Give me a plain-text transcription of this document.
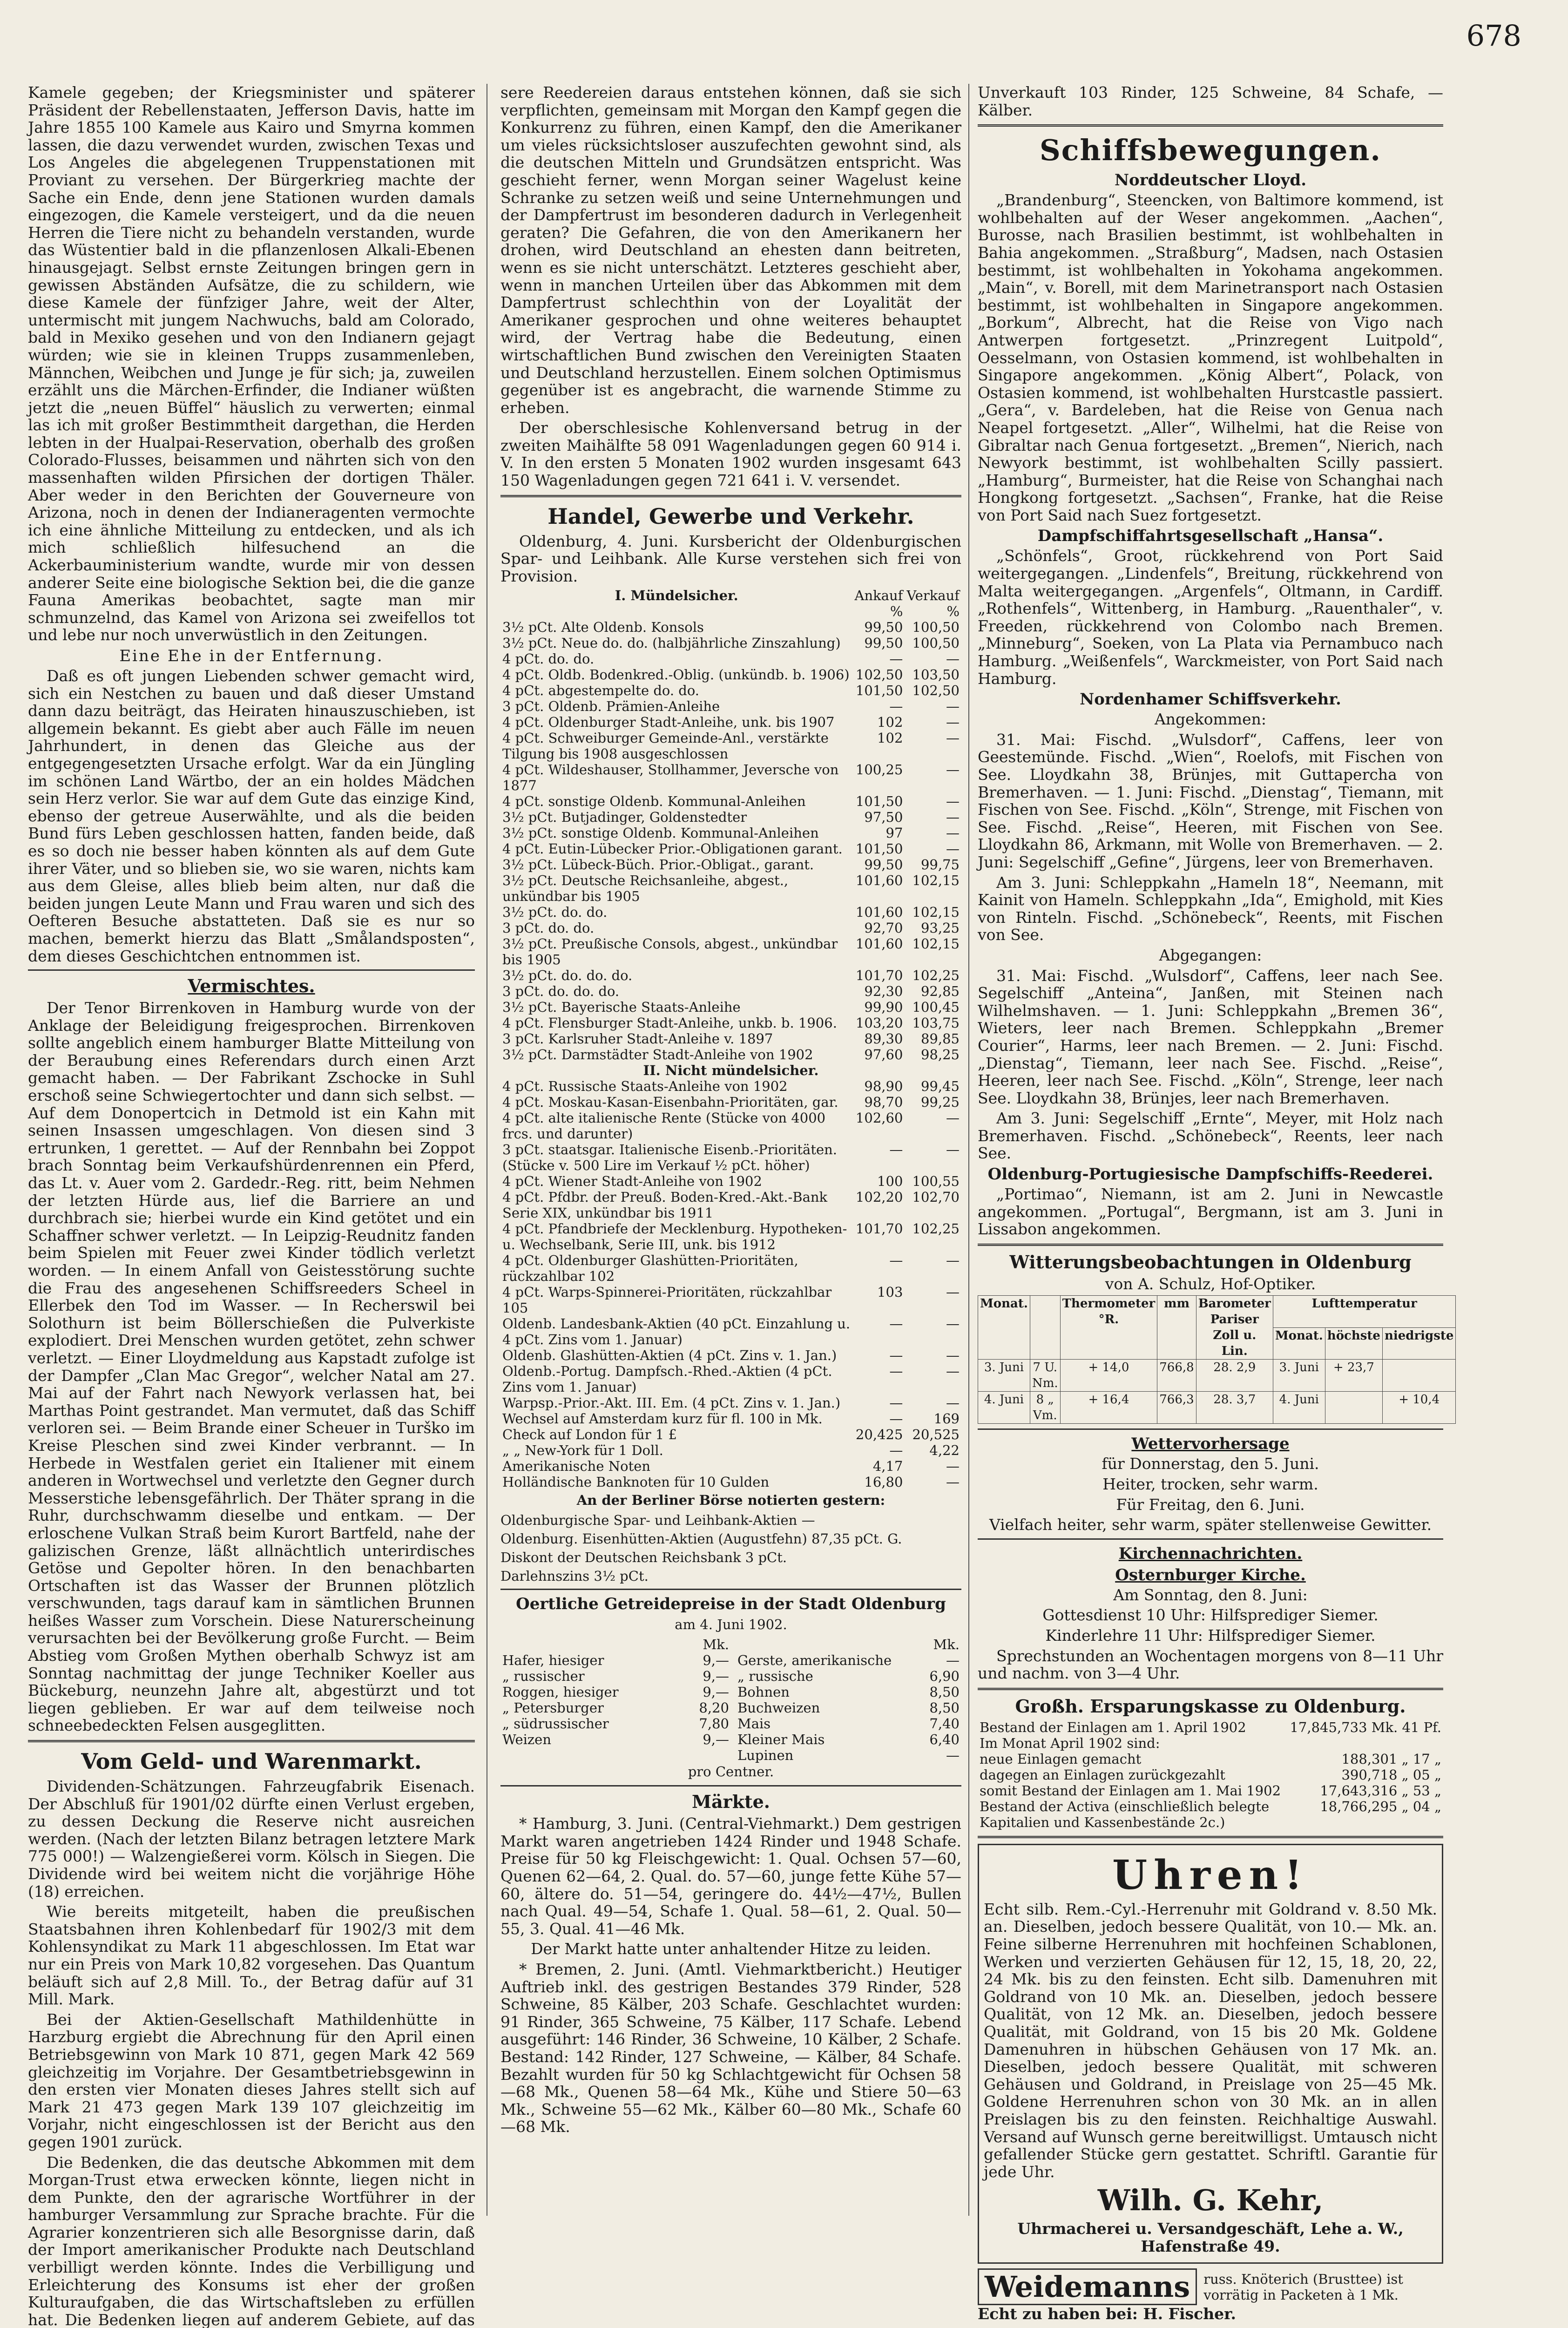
678

Kamele gegeben; der Kriegsminister und späterer Präsident der Rebellenstaaten, Jefferson Davis, hatte im Jahre 1855 100 Kamele aus Kairo und Smyrna kommen lassen, die dazu verwendet wurden, zwischen Texas und Los Angeles die abgelegenen Truppenstationen mit Proviant zu versehen. Der Bürgerkrieg machte der Sache ein Ende, denn jene Stationen wurden damals eingezogen, die Kamele versteigert, und da die neuen Herren die Tiere nicht zu behandeln verstanden, wurde das Wüstentier bald in die pflanzenlosen Alkali-Ebenen hinausgejagt. Selbst ernste Zeitungen bringen gern in gewissen Abständen Aufsätze, die zu schildern, wie diese Kamele der fünfziger Jahre, weit der Alter, untermischt mit jungem Nachwuchs, bald am Colorado, bald in Mexiko gesehen und von den Indianern gejagt würden; wie sie in kleinen Trupps zusammenleben, Männchen, Weibchen und Junge je für sich; ja, zuweilen erzählt uns die Märchen-Erfinder, die Indianer wüßten jetzt die „neuen Büffel“ häuslich zu verwerten; einmal las ich mit großer Bestimmtheit dargethan, die Herden lebten in der Hualpai-Reservation, oberhalb des großen Colorado-Flusses, beisammen und nährten sich von den massenhaften wilden Pfirsichen der dortigen Thäler. Aber weder in den Berichten der Gouverneure von Arizona, noch in denen der Indianeragenten vermochte ich eine ähnliche Mitteilung zu entdecken, und als ich mich schließlich hilfesuchend an die Ackerbauministerium wandte, wurde mir von dessen anderer Seite eine biologische Sektion bei, die die ganze Fauna Amerikas beobachtet, sagte man mir schmunzelnd, das Kamel von Arizona sei zweifellos tot und lebe nur noch unverwüstlich in den Zeitungen.

Eine Ehe in der Entfernung.

Daß es oft jungen Liebenden schwer gemacht wird, sich ein Nestchen zu bauen und daß dieser Umstand dann dazu beiträgt, das Heiraten hinauszuschieben, ist allgemein bekannt. Es giebt aber auch Fälle im neuen Jahrhundert, in denen das Gleiche aus der entgegengesetzten Ursache erfolgt. War da ein Jüngling im schönen Land Wärtbo, der an ein holdes Mädchen sein Herz verlor. Sie war auf dem Gute das einzige Kind, ebenso der getreue Auserwählte, und als die beiden Bund fürs Leben geschlossen hatten, fanden beide, daß es so doch nie besser haben könnten als auf dem Gute ihrer Väter, und so blieben sie, wo sie waren, nichts kam aus dem Gleise, alles blieb beim alten, nur daß die beiden jungen Leute Mann und Frau waren und sich des Oefteren Besuche abstatteten. Daß sie es nur so machen, bemerkt hierzu das Blatt „Smålandsposten“, dem dieses Geschichtchen entnommen ist.

Vermischtes.

Der Tenor Birrenkoven in Hamburg wurde von der Anklage der Beleidigung freigesprochen. Birrenkoven sollte angeblich einem hamburger Blatte Mitteilung von der Beraubung eines Referendars durch einen Arzt gemacht haben. — Der Fabrikant Zschocke in Suhl erschoß seine Schwiegertochter und dann sich selbst. — Auf dem Donopertcich in Detmold ist ein Kahn mit seinen Insassen umgeschlagen. Von diesen sind 3 ertrunken, 1 gerettet. — Auf der Rennbahn bei Zoppot brach Sonntag beim Verkaufshürdenrennen ein Pferd, das Lt. v. Auer vom 2. Gardedr.-Reg. ritt, beim Nehmen der letzten Hürde aus, lief die Barriere an und durchbrach sie; hierbei wurde ein Kind getötet und ein Schaffner schwer verletzt. — In Leipzig-Reudnitz fanden beim Spielen mit Feuer zwei Kinder tödlich verletzt worden. — In einem Anfall von Geistesstörung suchte die Frau des angesehenen Schiffsreeders Scheel in Ellerbek den Tod im Wasser. — In Recherswil bei Solothurn ist beim Böllerschießen die Pulverkiste explodiert. Drei Menschen wurden getötet, zehn schwer verletzt. — Einer Lloydmeldung aus Kapstadt zufolge ist der Dampfer „Clan Mac Gregor“, welcher Natal am 27. Mai auf der Fahrt nach Newyork verlassen hat, bei Marthas Point gestrandet. Man vermutet, daß das Schiff verloren sei. — Beim Brande einer Scheuer in Turško im Kreise Pleschen sind zwei Kinder verbrannt. — In Herbede in Westfalen geriet ein Italiener mit einem anderen in Wortwechsel und verletzte den Gegner durch Messerstiche lebensgefährlich. Der Thäter sprang in die Ruhr, durchschwamm dieselbe und entkam. — Der erloschene Vulkan Straß beim Kurort Bartfeld, nahe der galizischen Grenze, läßt allnächtlich unterirdisches Getöse und Gepolter hören. In den benachbarten Ortschaften ist das Wasser der Brunnen plötzlich verschwunden, tags darauf kam in sämtlichen Brunnen heißes Wasser zum Vorschein. Diese Naturerscheinung verursachten bei der Bevölkerung große Furcht. — Beim Abstieg vom Großen Mythen oberhalb Schwyz ist am Sonntag nachmittag der junge Techniker Koeller aus Bückeburg, neunzehn Jahre alt, abgestürzt und tot liegen geblieben. Er war auf dem teilweise noch schneebedeckten Felsen ausgeglitten.

Vom Geld- und Warenmarkt.

Dividenden-Schätzungen. Fahrzeugfabrik Eisenach. Der Abschluß für 1901/02 dürfte einen Verlust ergeben, zu dessen Deckung die Reserve nicht ausreichen werden. (Nach der letzten Bilanz betragen letztere Mark 775 000!) — Walzengießerei vorm. Kölsch in Siegen. Die Dividende wird bei weitem nicht die vorjährige Höhe (18) erreichen.

Wie bereits mitgeteilt, haben die preußischen Staatsbahnen ihren Kohlenbedarf für 1902/3 mit dem Kohlensyndikat zu Mark 11 abgeschlossen. Im Etat war nur ein Preis von Mark 10,82 vorgesehen. Das Quantum beläuft sich auf 2,8 Mill. To., der Betrag dafür auf 31 Mill. Mark.

Bei der Aktien-Gesellschaft Mathildenhütte in Harzburg ergiebt die Abrechnung für den April einen Betriebsgewinn von Mark 10 871, gegen Mark 42 569 gleichzeitig im Vorjahre. Der Gesamtbetriebsgewinn in den ersten vier Monaten dieses Jahres stellt sich auf Mark 21 473 gegen Mark 139 107 gleichzeitig im Vorjahr, nicht eingeschlossen ist der Bericht aus den gegen 1901 zurück.

Die Bedenken, die das deutsche Abkommen mit dem Morgan-Trust etwa erwecken könnte, liegen nicht in dem Punkte, den der agrarische Wortführer in der hamburger Versammlung zur Sprache brachte. Für die Agrarier konzentrieren sich alle Besorgnisse darin, daß der Import amerikanischer Produkte nach Deutschland verbilligt werden könnte. Indes die Verbilligung und Erleichterung des Konsums ist eher der großen Kulturaufgaben, die das Wirtschaftsleben zu erfüllen hat. Die Bedenken liegen auf anderem Gebiete, auf das

sere Reedereien daraus entstehen können, daß sie sich verpflichten, gemeinsam mit Morgan den Kampf gegen die Konkurrenz zu führen, einen Kampf, den die Amerikaner um vieles rücksichtsloser auszufechten gewohnt sind, als die deutschen Mitteln und Grundsätzen entspricht. Was geschieht ferner, wenn Morgan seiner Wagelust keine Schranke zu setzen weiß und seine Unternehmungen und der Dampfertrust im besonderen dadurch in Verlegenheit geraten? Die Gefahren, die von den Amerikanern her drohen, wird Deutschland an ehesten dann beitreten, wenn es sie nicht unterschätzt. Letzteres geschieht aber, wenn in manchen Urteilen über das Abkommen mit dem Dampfertrust schlechthin von der Loyalität der Amerikaner gesprochen und ohne weiteres behauptet wird, der Vertrag habe die Bedeutung, einen wirtschaftlichen Bund zwischen den Vereinigten Staaten und Deutschland herzustellen. Einem solchen Optimismus gegenüber ist es angebracht, die warnende Stimme zu erheben.

Der oberschlesische Kohlenversand betrug in der zweiten Maihälfte 58 091 Wagenladungen gegen 60 914 i. V. In den ersten 5 Monaten 1902 wurden insgesamt 643 150 Wagenladungen gegen 721 641 i. V. versendet.

Handel, Gewerbe und Verkehr.

Oldenburg, 4. Juni. Kursbericht der Oldenburgischen Spar- und Leihbank. Alle Kurse verstehen sich frei von Provision.

I. Mündelsicher.	Ankauf	Verkauf
	%	%
3½ pCt. Alte Oldenb. Konsols	99,50	100,50
3½ pCt. Neue do. do. (halbjährliche Zinszahlung)	99,50	100,50
4 pCt. do. do.	—	—
4 pCt. Oldb. Bodenkred.-Oblig. (unkündb. b. 1906)	102,50	103,50
4 pCt. abgestempelte do. do.	101,50	102,50
3 pCt. Oldenb. Prämien-Anleihe	—	—
4 pCt. Oldenburger Stadt-Anleihe, unk. bis 1907	102	—
4 pCt. Schweiburger Gemeinde-Anl., verstärkte Tilgung bis 1908 ausgeschlossen	102	—
4 pCt. Wildeshauser, Stollhammer, Jeversche von 1877	100,25	—
4 pCt. sonstige Oldenb. Kommunal-Anleihen	101,50	—
3½ pCt. Butjadinger, Goldenstedter	97,50	—
3½ pCt. sonstige Oldenb. Kommunal-Anleihen	97	—
4 pCt. Eutin-Lübecker Prior.-Obligationen garant.	101,50	—
3½ pCt. Lübeck-Büch. Prior.-Obligat., garant.	99,50	99,75
3½ pCt. Deutsche Reichsanleihe, abgest., unkündbar bis 1905	101,60	102,15
3½ pCt. do. do.	101,60	102,15
3 pCt. do. do.	92,70	93,25
3½ pCt. Preußische Consols, abgest., unkündbar bis 1905	101,60	102,15
3½ pCt. do. do. do.	101,70	102,25
3 pCt. do. do. do.	92,30	92,85
3½ pCt. Bayerische Staats-Anleihe	99,90	100,45
4 pCt. Flensburger Stadt-Anleihe, unkb. b. 1906.	103,20	103,75
3 pCt. Karlsruher Stadt-Anleihe v. 1897	89,30	89,85
3½ pCt. Darmstädter Stadt-Anleihe von 1902	97,60	98,25
II. Nicht mündelsicher.		
4 pCt. Russische Staats-Anleihe von 1902	98,90	99,45
4 pCt. Moskau-Kasan-Eisenbahn-Prioritäten, gar.	98,70	99,25
4 pCt. alte italienische Rente (Stücke von 4000 frcs. und darunter)	102,60	—
3 pCt. staatsgar. Italienische Eisenb.-Prioritäten. (Stücke v. 500 Lire im Verkauf ½ pCt. höher)	—	—
4 pCt. Wiener Stadt-Anleihe von 1902	100	100,55
4 pCt. Pfdbr. der Preuß. Boden-Kred.-Akt.-Bank Serie XIX, unkündbar bis 1911	102,20	102,70
4 pCt. Pfandbriefe der Mecklenburg. Hypotheken- u. Wechselbank, Serie III, unk. bis 1912	101,70	102,25
4 pCt. Oldenburger Glashütten-Prioritäten, rückzahlbar 102	—	—
4 pCt. Warps-Spinnerei-Prioritäten, rückzahlbar 105	103	—
Oldenb. Landesbank-Aktien (40 pCt. Einzahlung u. 4 pCt. Zins vom 1. Januar)	—	—
Oldenb. Glashütten-Aktien (4 pCt. Zins v. 1. Jan.)	—	—
Oldenb.-Portug. Dampfsch.-Rhed.-Aktien (4 pCt. Zins vom 1. Januar)	—	—
Warpsp.-Prior.-Akt. III. Em. (4 pCt. Zins v. 1. Jan.)	—	—
Wechsel auf Amsterdam kurz für fl. 100 in Mk.	—	169
Check auf London für 1 £	20,425	20,525
„ „ New-York für 1 Doll.	—	4,22
Amerikanische Noten	4,17	—
Holländische Banknoten für 10 Gulden	16,80	—

An der Berliner Börse notierten gestern:

Oldenburgische Spar- und Leihbank-Aktien —

Oldenburg. Eisenhütten-Aktien (Augustfehn) 87,35 pCt. G.

Diskont der Deutschen Reichsbank 3 pCt.

Darlehnszins 3½ pCt.

Oertliche Getreidepreise in der Stadt Oldenburg

am 4. Juni 1902.

	Mk.
Hafer, hiesiger	9,—
„ russischer	9,—
Roggen, hiesiger	9,—
„ Petersburger	8,20
„ südrussischer	7,80
Weizen	9,—

	Mk.
Gerste, amerikanische	—
„ russische	6,90
Bohnen	8,50
Buchweizen	8,50
Mais	7,40
Kleiner Mais	6,40
Lupinen	—

pro Centner.

Märkte.

* Hamburg, 3. Juni. (Central-Viehmarkt.) Dem gestrigen Markt waren angetrieben 1424 Rinder und 1948 Schafe. Preise für 50 kg Fleischgewicht: 1. Qual. Ochsen 57—60, Quenen 62—64, 2. Qual. do. 57—60, junge fette Kühe 57—60, ältere do. 51—54, geringere do. 44½—47½, Bullen nach Qual. 49—54, Schafe 1. Qual. 58—61, 2. Qual. 50—55, 3. Qual. 41—46 Mk.

Der Markt hatte unter anhaltender Hitze zu leiden.

* Bremen, 2. Juni. (Amtl. Viehmarktbericht.) Heutiger Auftrieb inkl. des gestrigen Bestandes 379 Rinder, 528 Schweine, 85 Kälber, 203 Schafe. Geschlachtet wurden: 91 Rinder, 365 Schweine, 75 Kälber, 117 Schafe. Lebend ausgeführt: 146 Rinder, 36 Schweine, 10 Kälber, 2 Schafe. Bestand: 142 Rinder, 127 Schweine, — Kälber, 84 Schafe. Bezahlt wurden für 50 kg Schlachtgewicht für Ochsen 58—68 Mk., Quenen 58—64 Mk., Kühe und Stiere 50—63 Mk., Schweine 55—62 Mk., Kälber 60—80 Mk., Schafe 60—68 Mk.

Unverkauft 103 Rinder, 125 Schweine, 84 Schafe, — Kälber.

Schiffsbewegungen.
Norddeutscher Lloyd.

„Brandenburg“, Steencken, von Baltimore kommend, ist wohlbehalten auf der Weser angekommen. „Aachen“, Burosse, nach Brasilien bestimmt, ist wohlbehalten in Bahia angekommen. „Straßburg“, Madsen, nach Ostasien bestimmt, ist wohlbehalten in Yokohama angekommen. „Main“, v. Borell, mit dem Marinetransport nach Ostasien bestimmt, ist wohlbehalten in Singapore angekommen. „Borkum“, Albrecht, hat die Reise von Vigo nach Antwerpen fortgesetzt. „Prinzregent Luitpold“, Oesselmann, von Ostasien kommend, ist wohlbehalten in Singapore angekommen. „König Albert“, Polack, von Ostasien kommend, ist wohlbehalten Hurstcastle passiert. „Gera“, v. Bardeleben, hat die Reise von Genua nach Neapel fortgesetzt. „Aller“, Wilhelmi, hat die Reise von Gibraltar nach Genua fortgesetzt. „Bremen“, Nierich, nach Newyork bestimmt, ist wohlbehalten Scilly passiert. „Hamburg“, Burmeister, hat die Reise von Schanghai nach Hongkong fortgesetzt. „Sachsen“, Franke, hat die Reise von Port Said nach Suez fortgesetzt.

Dampfschiffahrtsgesellschaft „Hansa“.

„Schönfels“, Groot, rückkehrend von Port Said weitergegangen. „Lindenfels“, Breitung, rückkehrend von Malta weitergegangen. „Argenfels“, Oltmann, in Cardiff. „Rothenfels“, Wittenberg, in Hamburg. „Rauenthaler“, v. Freeden, rückkehrend von Colombo nach Bremen. „Minneburg“, Soeken, von La Plata via Pernambuco nach Hamburg. „Weißenfels“, Warckmeister, von Port Said nach Hamburg.

Nordenhamer Schiffsverkehr.

Angekommen:

31. Mai: Fischd. „Wulsdorf“, Caffens, leer von Geestemünde. Fischd. „Wien“, Roelofs, mit Fischen von See. Lloydkahn 38, Brünjes, mit Guttapercha von Bremerhaven. — 1. Juni: Fischd. „Dienstag“, Tiemann, mit Fischen von See. Fischd. „Köln“, Strenge, mit Fischen von See. Fischd. „Reise“, Heeren, mit Fischen von See. Lloydkahn 86, Arkmann, mit Wolle von Bremerhaven. — 2. Juni: Segelschiff „Gefine“, Jürgens, leer von Bremerhaven.

Am 3. Juni: Schleppkahn „Hameln 18“, Neemann, mit Kainit von Hameln. Schleppkahn „Ida“, Emighold, mit Kies von Rinteln. Fischd. „Schönebeck“, Reents, mit Fischen von See.

Abgegangen:

31. Mai: Fischd. „Wulsdorf“, Caffens, leer nach See. Segelschiff „Anteina“, Janßen, mit Steinen nach Wilhelmshaven. — 1. Juni: Schleppkahn „Bremen 36“, Wieters, leer nach Bremen. Schleppkahn „Bremer Courier“, Harms, leer nach Bremen. — 2. Juni: Fischd. „Dienstag“, Tiemann, leer nach See. Fischd. „Reise“, Heeren, leer nach See. Fischd. „Köln“, Strenge, leer nach See. Lloydkahn 38, Brünjes, leer nach Bremerhaven.

Am 3. Juni: Segelschiff „Ernte“, Meyer, mit Holz nach Bremerhaven. Fischd. „Schönebeck“, Reents, leer nach See.

Oldenburg-Portugiesische Dampfschiffs-Reederei.

„Portimao“, Niemann, ist am 2. Juni in Newcastle angekommen. „Portugal“, Bergmann, ist am 3. Juni in Lissabon angekommen.

Witterungsbeobachtungen in Oldenburg

von A. Schulz, Hof-Optiker.

Monat.		Thermometer °R.	mm	Barometer Pariser Zoll u. Lin.	Lufttemperatur		
					Monat.	höchste	niedrigste
3. Juni	7 U. Nm.	+ 14,0	766,8	28. 2,9	3. Juni	+ 23,7	
4. Juni	8 „ Vm.	+ 16,4	766,3	28. 3,7	4. Juni		+ 10,4
Wettervorhersage

für Donnerstag, den 5. Juni.

Heiter, trocken, sehr warm.

Für Freitag, den 6. Juni.

Vielfach heiter, sehr warm, später stellenweise Gewitter.

Kirchennachrichten.
Osternburger Kirche.

Am Sonntag, den 8. Juni:

Gottesdienst 10 Uhr: Hilfsprediger Siemer.

Kinderlehre 11 Uhr: Hilfsprediger Siemer.

Sprechstunden an Wochentagen morgens von 8—11 Uhr und nachm. von 3—4 Uhr.

Großh. Ersparungskasse zu Oldenburg.
Bestand der Einlagen am 1. April 1902	17,845,733 Mk. 41 Pf.
Im Monat April 1902 sind:	
neue Einlagen gemacht	188,301 „ 17 „
dagegen an Einlagen zurückgezahlt	390,718 „ 05 „
somit Bestand der Einlagen am 1. Mai 1902	17,643,316 „ 53 „
Bestand der Activa (einschließlich belegte Kapitalien und Kassenbestände 2c.)	18,766,295 „ 04 „
Uhren!

Echt silb. Rem.-Cyl.-Herrenuhr mit Goldrand v. 8.50 Mk. an. Dieselben, jedoch bessere Qualität, von 10.— Mk. an. Feine silberne Herrenuhren mit hochfeinen Schablonen, Werken und verzierten Gehäusen für 12, 15, 18, 20, 22, 24 Mk. bis zu den feinsten. Echt silb. Damenuhren mit Goldrand von 10 Mk. an. Dieselben, jedoch bessere Qualität, von 12 Mk. an. Dieselben, jedoch bessere Qualität, mit Goldrand, von 15 bis 20 Mk. Goldene Damenuhren in hübschen Gehäusen von 17 Mk. an. Dieselben, jedoch bessere Qualität, mit schweren Gehäusen und Goldrand, in Preislage von 25—45 Mk. Goldene Herrenuhren schon von 30 Mk. an in allen Preislagen bis zu den feinsten. Reichhaltige Auswahl. Versand auf Wunsch gerne bereitwilligst. Umtausch nicht gefallender Stücke gern gestattet. Schriftl. Garantie für jede Uhr.

Wilh. G. Kehr,

Uhrmacherei u. Versandgeschäft, Lehe a. W., Hafenstraße 49.

Weidemanns	russ. Knöterich (Brusttee) ist vorrätig in Packeten à 1 Mk.

Echt zu haben bei: H. Fischer.
